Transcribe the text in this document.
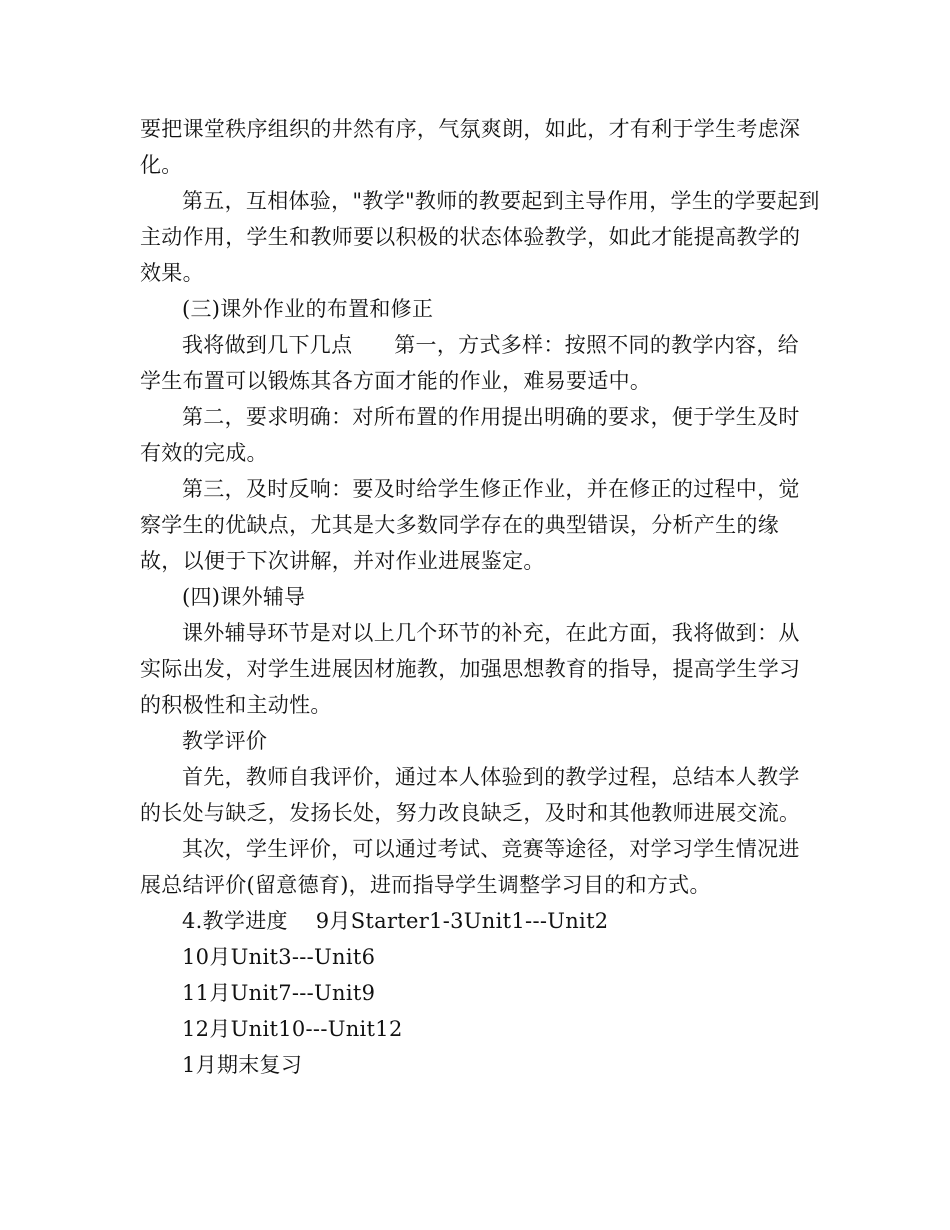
要把课堂秩序组织的井然有序，气氛爽朗，如此，才有利于学生考虑深化。

第五，互相体验，"教学"教师的教要起到主导作用，学生的学要起到主动作用，学生和教师要以积极的状态体验教学，如此才能提高教学的效果。

(三)课外作业的布置和修正

我将做到几下几点      第一，方式多样：按照不同的教学内容，给学生布置可以锻炼其各方面才能的作业，难易要适中。

第二，要求明确：对所布置的作用提出明确的要求，便于学生及时有效的完成。

第三，及时反响：要及时给学生修正作业，并在修正的过程中，觉察学生的优缺点，尤其是大多数同学存在的典型错误，分析产生的缘故，以便于下次讲解，并对作业进展鉴定。

(四)课外辅导

课外辅导环节是对以上几个环节的补充，在此方面，我将做到：从实际出发，对学生进展因材施教，加强思想教育的指导，提高学生学习的积极性和主动性。

教学评价

首先，教师自我评价，通过本人体验到的教学过程，总结本人教学的长处与缺乏，发扬长处，努力改良缺乏，及时和其他教师进展交流。

其次，学生评价，可以通过考试、竞赛等途径，对学习学生情况进展总结评价(留意德育)，进而指导学生调整学习目的和方式。

4.教学进度    9月Starter1-3Unit1---Unit2

10月Unit3---Unit6

11月Unit7---Unit9

12月Unit10---Unit12

1月期末复习
